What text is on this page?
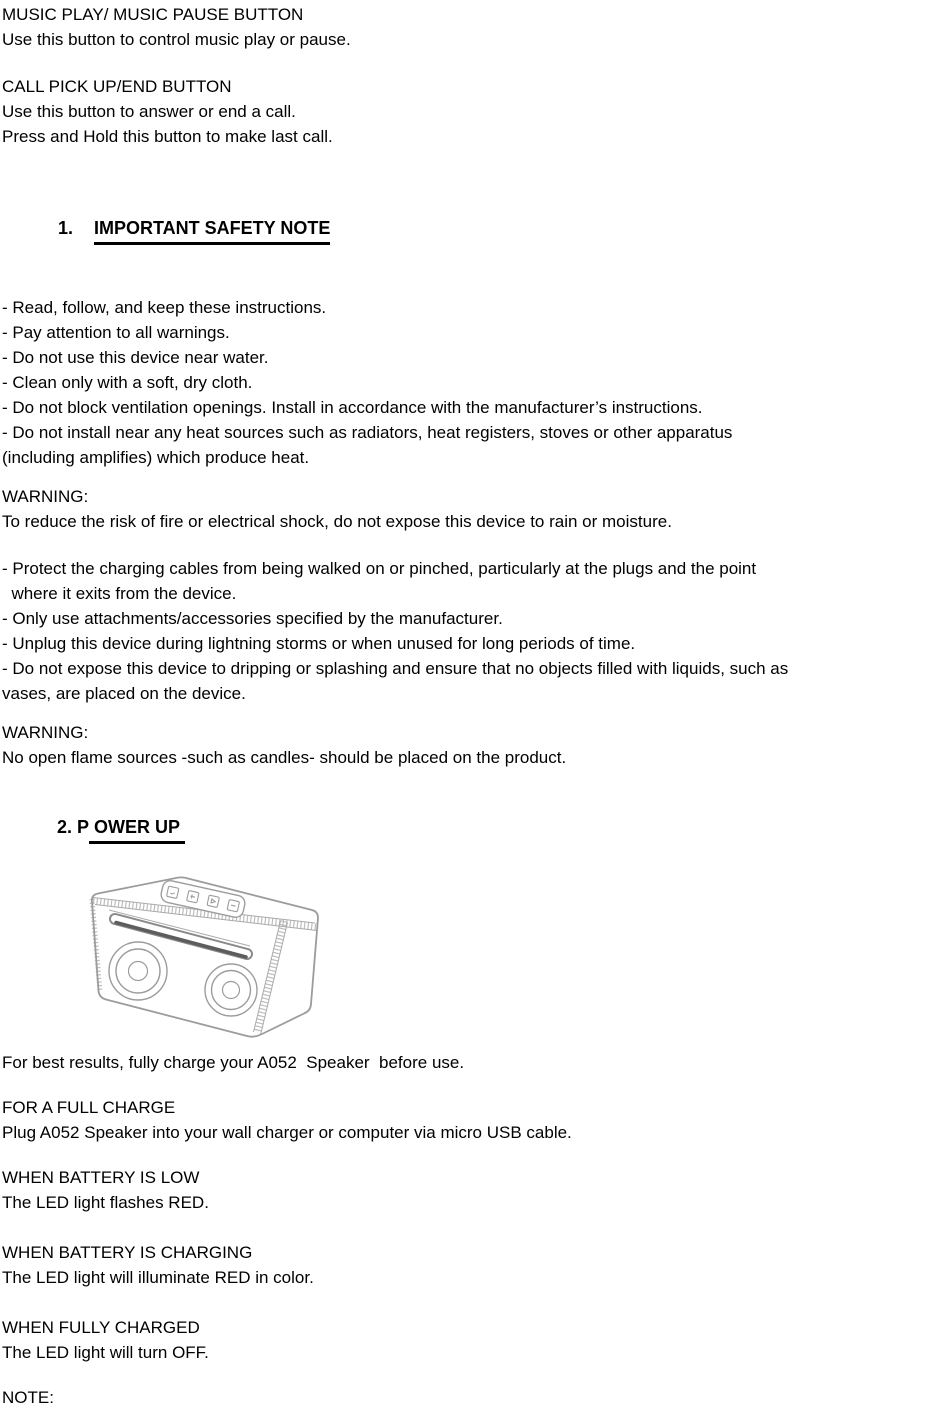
MUSIC PLAY/ MUSIC PAUSE BUTTON
Use this button to control music play or pause.
CALL PICK UP/END BUTTON
Use this button to answer or end a call.
Press and Hold this button to make last call.

1. IMPORTANT SAFETY NOTE

- Read, follow, and keep these instructions.
- Pay attention to all warnings.
- Do not use this device near water.
- Clean only with a soft, dry cloth.
- Do not block ventilation openings. Install in accordance with the manufacturer’s instructions.
- Do not install near any heat sources such as radiators, heat registers, stoves or other apparatus
(including amplifies) which produce heat.
WARNING:
To reduce the risk of fire or electrical shock, do not expose this device to rain or moisture.
- Protect the charging cables from being walked on or pinched, particularly at the plugs and the point
where it exits from the device.
- Only use attachments/accessories specified by the manufacturer.
- Unplug this device during lightning storms or when unused for long periods of time.
- Do not expose this device to dripping or splashing and ensure that no objects filled with liquids, such as
vases, are placed on the device.
WARNING:
No open flame sources -such as candles- should be placed on the product.

2. P OWER UP

For best results, fully charge your A052  Speaker  before use.
FOR A FULL CHARGE
Plug A052 Speaker into your wall charger or computer via micro USB cable.
WHEN BATTERY IS LOW
The LED light flashes RED.
WHEN BATTERY IS CHARGING
The LED light will illuminate RED in color.
WHEN FULLY CHARGED
The LED light will turn OFF.
NOTE:
